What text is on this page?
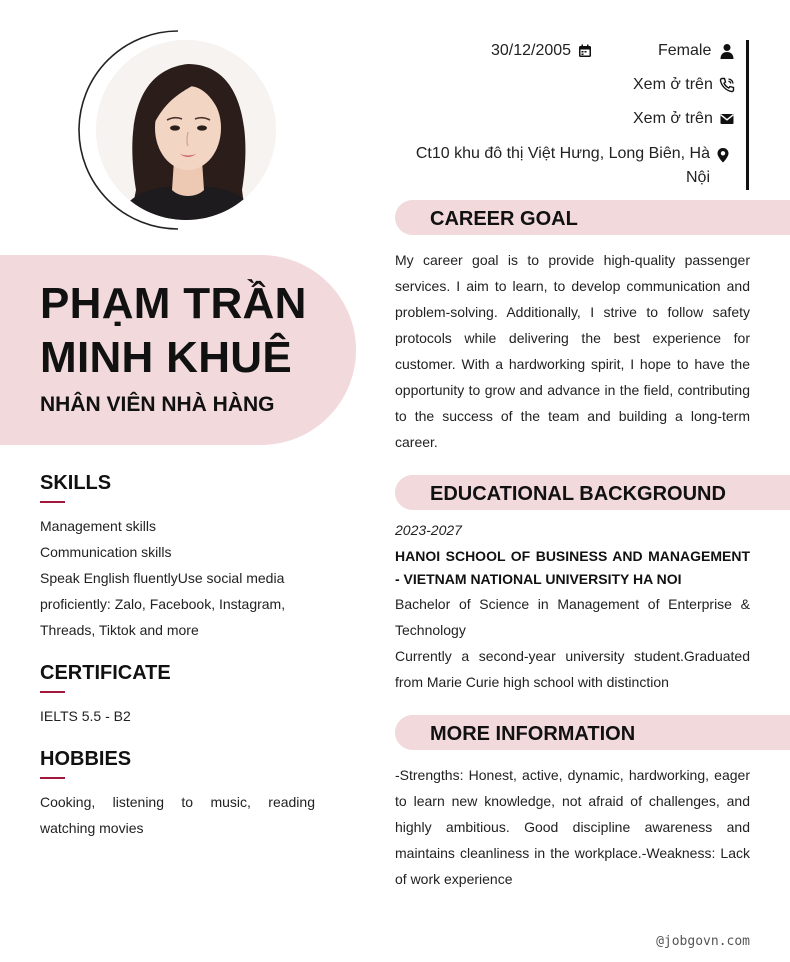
30/12/2005	Female
Xem ở trên
Xem ở trên
Ct10 khu đô thị Việt Hưng, Long Biên, Hà Nội
PHẠM TRẦN
MINH KHUÊ
NHÂN VIÊN NHÀ HÀNG
SKILLS
Management skills
Communication skills
Speak English fluentlyUse social media proficiently: Zalo, Facebook, Instagram, Threads, Tiktok and more
CERTIFICATE
IELTS 5.5 - B2
HOBBIES
Cooking, listening to music, reading watching movies
CAREER GOAL
My career goal is to provide high-quality passenger services. I aim to learn, to develop communication and problem-solving. Additionally, I strive to follow safety protocols while delivering the best experience for customer. With a hardworking spirit, I hope to have the opportunity to grow and advance in the field, contributing to the success of the team and building a long-term career.
EDUCATIONAL BACKGROUND
2023-2027
HANOI SCHOOL OF BUSINESS AND MANAGEMENT - VIETNAM NATIONAL UNIVERSITY HA NOI
Bachelor of Science in Management of Enterprise & Technology
Currently a second-year university student.Graduated from Marie Curie high school with distinction
MORE INFORMATION
-Strengths: Honest, active, dynamic, hardworking, eager to learn new knowledge, not afraid of challenges, and highly ambitious. Good discipline awareness and maintains cleanliness in the workplace.-Weakness: Lack of work experience
@jobgovn.com
